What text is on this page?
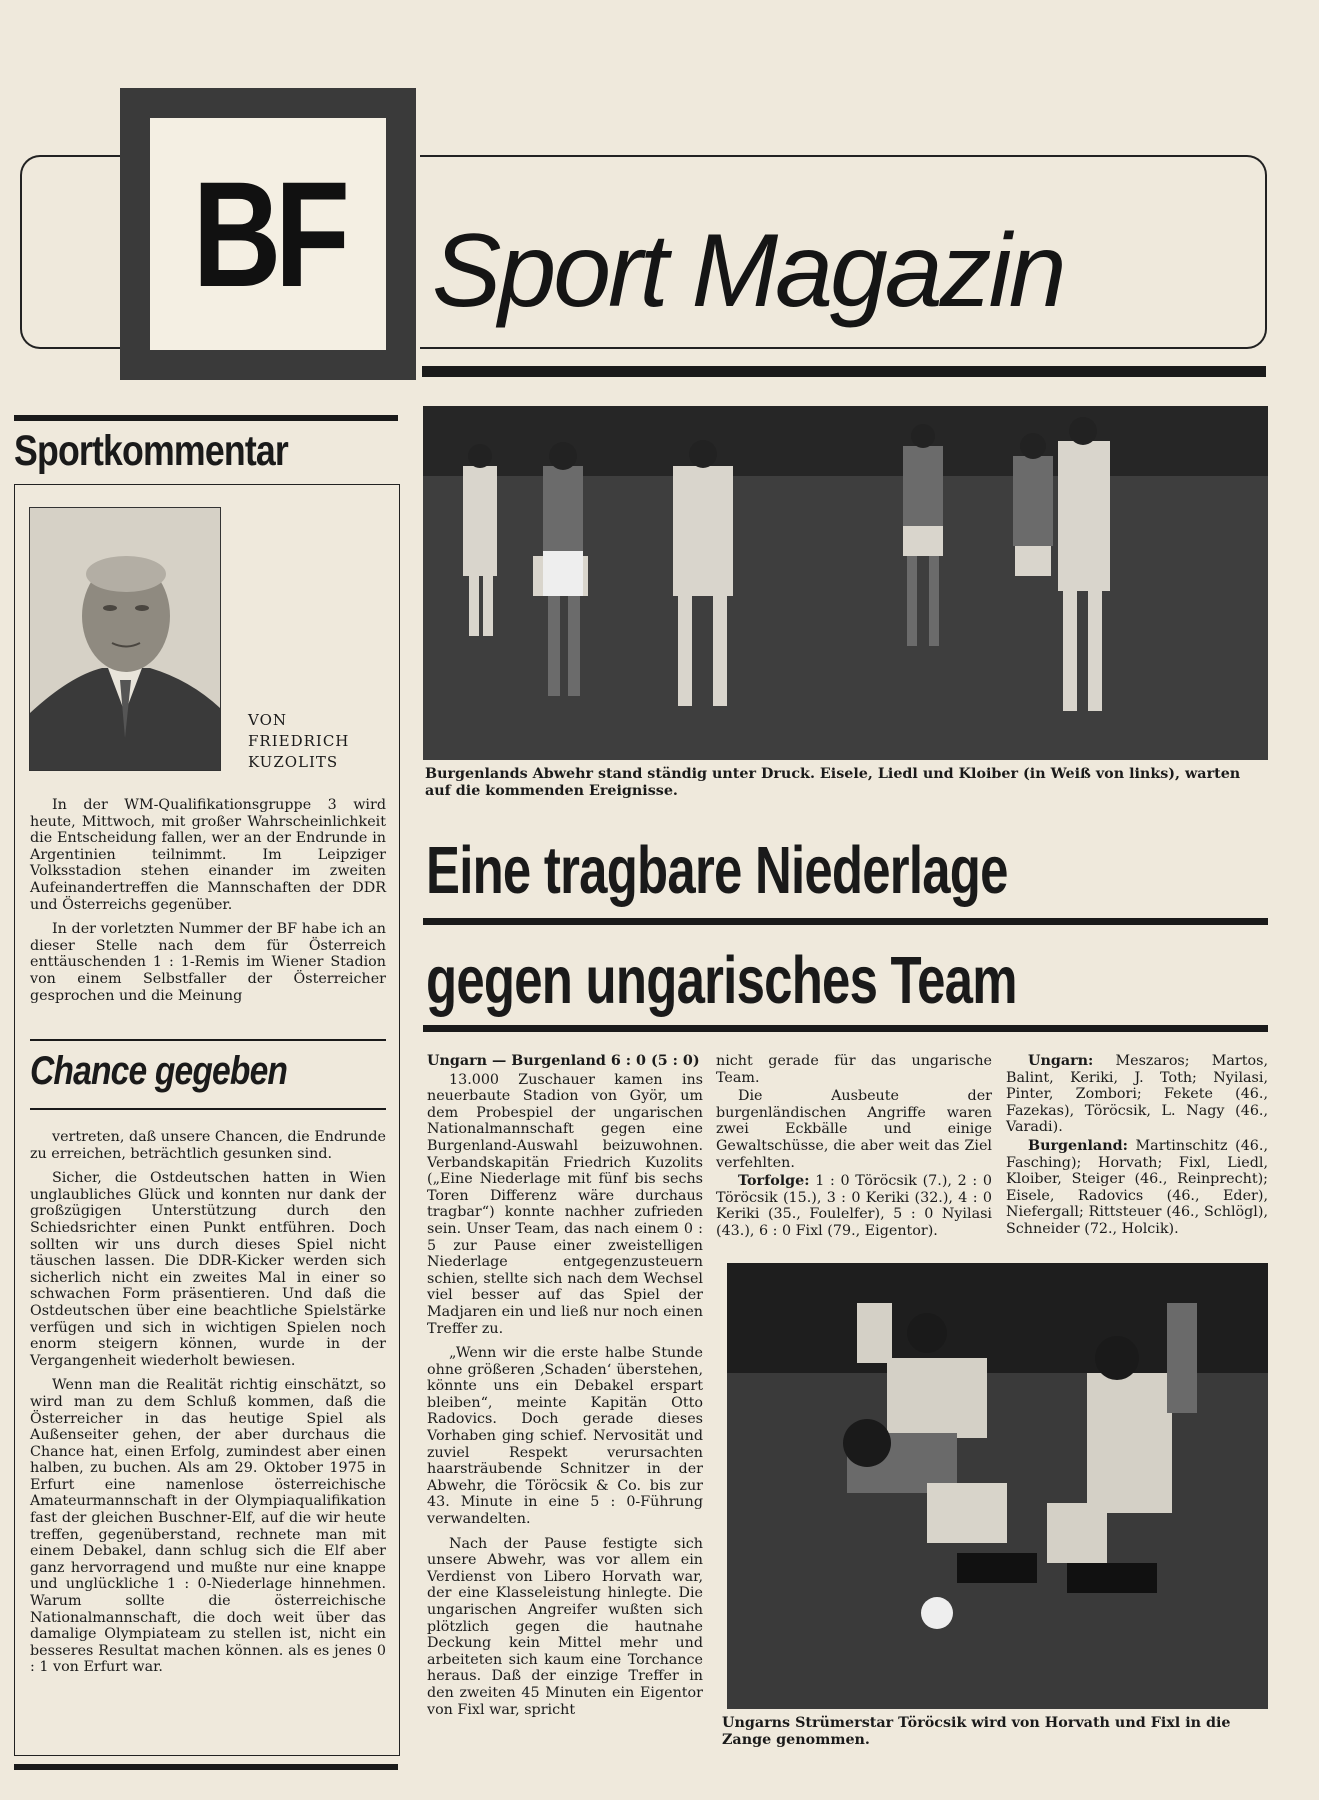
BF Sport Magazin
Sportkommentar
VON
FRIEDRICH
KUZOLITS

In der WM-Qualifikationsgruppe 3 wird heute, Mittwoch, mit großer Wahrscheinlichkeit die Entscheidung fallen, wer an der Endrunde in Argentinien teilnimmt. Im Leipziger Volksstadion stehen einander im zweiten Aufeinandertreffen die Mannschaften der DDR und Österreichs gegenüber.

In der vorletzten Nummer der BF habe ich an dieser Stelle nach dem für Österreich enttäuschenden 1 : 1-Remis im Wiener Stadion von einem Selbstfaller der Österreicher gesprochen und die Meinung

Chance gegeben

vertreten, daß unsere Chancen, die Endrunde zu erreichen, beträchtlich gesunken sind.

Sicher, die Ostdeutschen hatten in Wien unglaubliches Glück und konnten nur dank der großzügigen Unterstützung durch den Schiedsrichter einen Punkt entführen. Doch sollten wir uns durch dieses Spiel nicht täuschen lassen. Die DDR-Kicker werden sich sicherlich nicht ein zweites Mal in einer so schwachen Form präsentieren. Und daß die Ostdeutschen über eine beachtliche Spielstärke verfügen und sich in wichtigen Spielen noch enorm steigern können, wurde in der Vergangenheit wiederholt bewiesen.

Wenn man die Realität richtig einschätzt, so wird man zu dem Schluß kommen, daß die Österreicher in das heutige Spiel als Außenseiter gehen, der aber durchaus die Chance hat, einen Erfolg, zumindest aber einen halben, zu buchen. Als am 29. Oktober 1975 in Erfurt eine namenlose österreichische Amateurmannschaft in der Olympiaqualifikation fast der gleichen Buschner-Elf, auf die wir heute treffen, gegenüberstand, rechnete man mit einem Debakel, dann schlug sich die Elf aber ganz hervorragend und mußte nur eine knappe und unglückliche 1 : 0-Niederlage hinnehmen. Warum sollte die österreichische Nationalmannschaft, die doch weit über das damalige Olympiateam zu stellen ist, nicht ein besseres Resultat machen können. als es jenes 0 : 1 von Erfurt war.

Burgenlands Abwehr stand ständig unter Druck. Eisele, Liedl und Kloiber (in Weiß von links), warten auf die kommenden Ereignisse.
Eine tragbare Niederlage
gegen ungarisches Team
Ungarn — Burgenland 6 : 0 (5 : 0)

13.000 Zuschauer kamen ins neuerbaute Stadion von Györ, um dem Probespiel der ungarischen Nationalmannschaft gegen eine Burgenland-Auswahl beizuwohnen. Verbandskapitän Friedrich Kuzolits („Eine Niederlage mit fünf bis sechs Toren Differenz wäre durchaus tragbar“) konnte nachher zufrieden sein. Unser Team, das nach einem 0 : 5 zur Pause einer zweistelligen Niederlage entgegenzusteuern schien, stellte sich nach dem Wechsel viel besser auf das Spiel der Madjaren ein und ließ nur noch einen Treffer zu.

„Wenn wir die erste halbe Stunde ohne größeren ‚Schaden‘ überstehen, könnte uns ein Debakel erspart bleiben“, meinte Kapitän Otto Radovics. Doch gerade dieses Vorhaben ging schief. Nervosität und zuviel Respekt verursachten haarsträubende Schnitzer in der Abwehr, die Töröcsik & Co. bis zur 43. Minute in eine 5 : 0-Führung verwandelten.

Nach der Pause festigte sich unsere Abwehr, was vor allem ein Verdienst von Libero Horvath war, der eine Klasseleistung hinlegte. Die ungarischen Angreifer wußten sich plötzlich gegen die hautnahe Deckung kein Mittel mehr und arbeiteten sich kaum eine Torchance heraus. Daß der einzige Treffer in den zweiten 45 Minuten ein Eigentor von Fixl war, spricht

nicht gerade für das ungarische Team.

Die Ausbeute der burgenländischen Angriffe waren zwei Eckbälle und einige Gewaltschüsse, die aber weit das Ziel verfehlten.

Torfolge: 1 : 0 Töröcsik (7.), 2 : 0 Töröcsik (15.), 3 : 0 Keriki (32.), 4 : 0 Keriki (35., Foulelfer), 5 : 0 Nyilasi (43.), 6 : 0 Fixl (79., Eigentor).

Ungarn: Meszaros; Martos, Balint, Keriki, J. Toth; Nyilasi, Pinter, Zombori; Fekete (46., Fazekas), Töröcsik, L. Nagy (46., Varadi).

Burgenland: Martinschitz (46., Fasching); Horvath; Fixl, Liedl, Kloiber, Steiger (46., Reinprecht); Eisele, Radovics (46., Eder), Niefergall; Rittsteuer (46., Schlögl), Schneider (72., Holcik).

Ungarns Strümerstar Töröcsik wird von Horvath und Fixl in die Zange genommen.
